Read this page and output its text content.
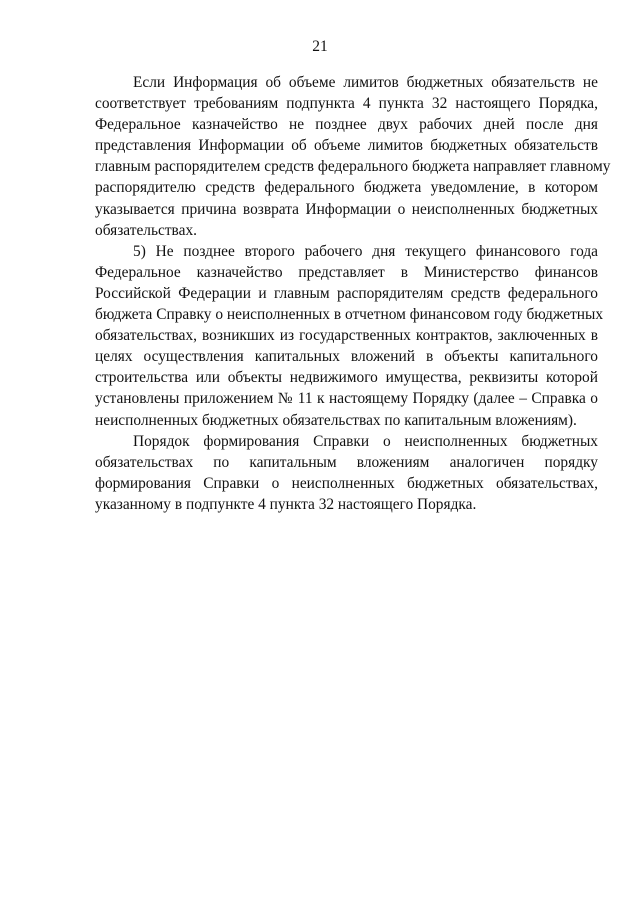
21

Если Информация об объеме лимитов бюджетных обязательств не
соответствует требованиям подпункта 4 пункта 32 настоящего Порядка,
Федеральное казначейство не позднее двух рабочих дней после дня
представления Информации об объеме лимитов бюджетных обязательств
главным распорядителем средств федерального бюджета направляет главному
распорядителю средств федерального бюджета уведомление, в котором
указывается причина возврата Информации о неисполненных бюджетных
обязательствах.

5) Не позднее второго рабочего дня текущего финансового года
Федеральное казначейство представляет в Министерство финансов
Российской Федерации и главным распорядителям средств федерального
бюджета Справку о неисполненных в отчетном финансовом году бюджетных
обязательствах, возникших из государственных контрактов, заключенных в
целях осуществления капитальных вложений в объекты капитального
строительства или объекты недвижимого имущества, реквизиты которой
установлены приложением № 11 к настоящему Порядку (далее – Справка о
неисполненных бюджетных обязательствах по капитальным вложениям).

Порядок формирования Справки о неисполненных бюджетных
обязательствах по капитальным вложениям аналогичен порядку
формирования Справки о неисполненных бюджетных обязательствах,
указанному в подпункте 4 пункта 32 настоящего Порядка.
